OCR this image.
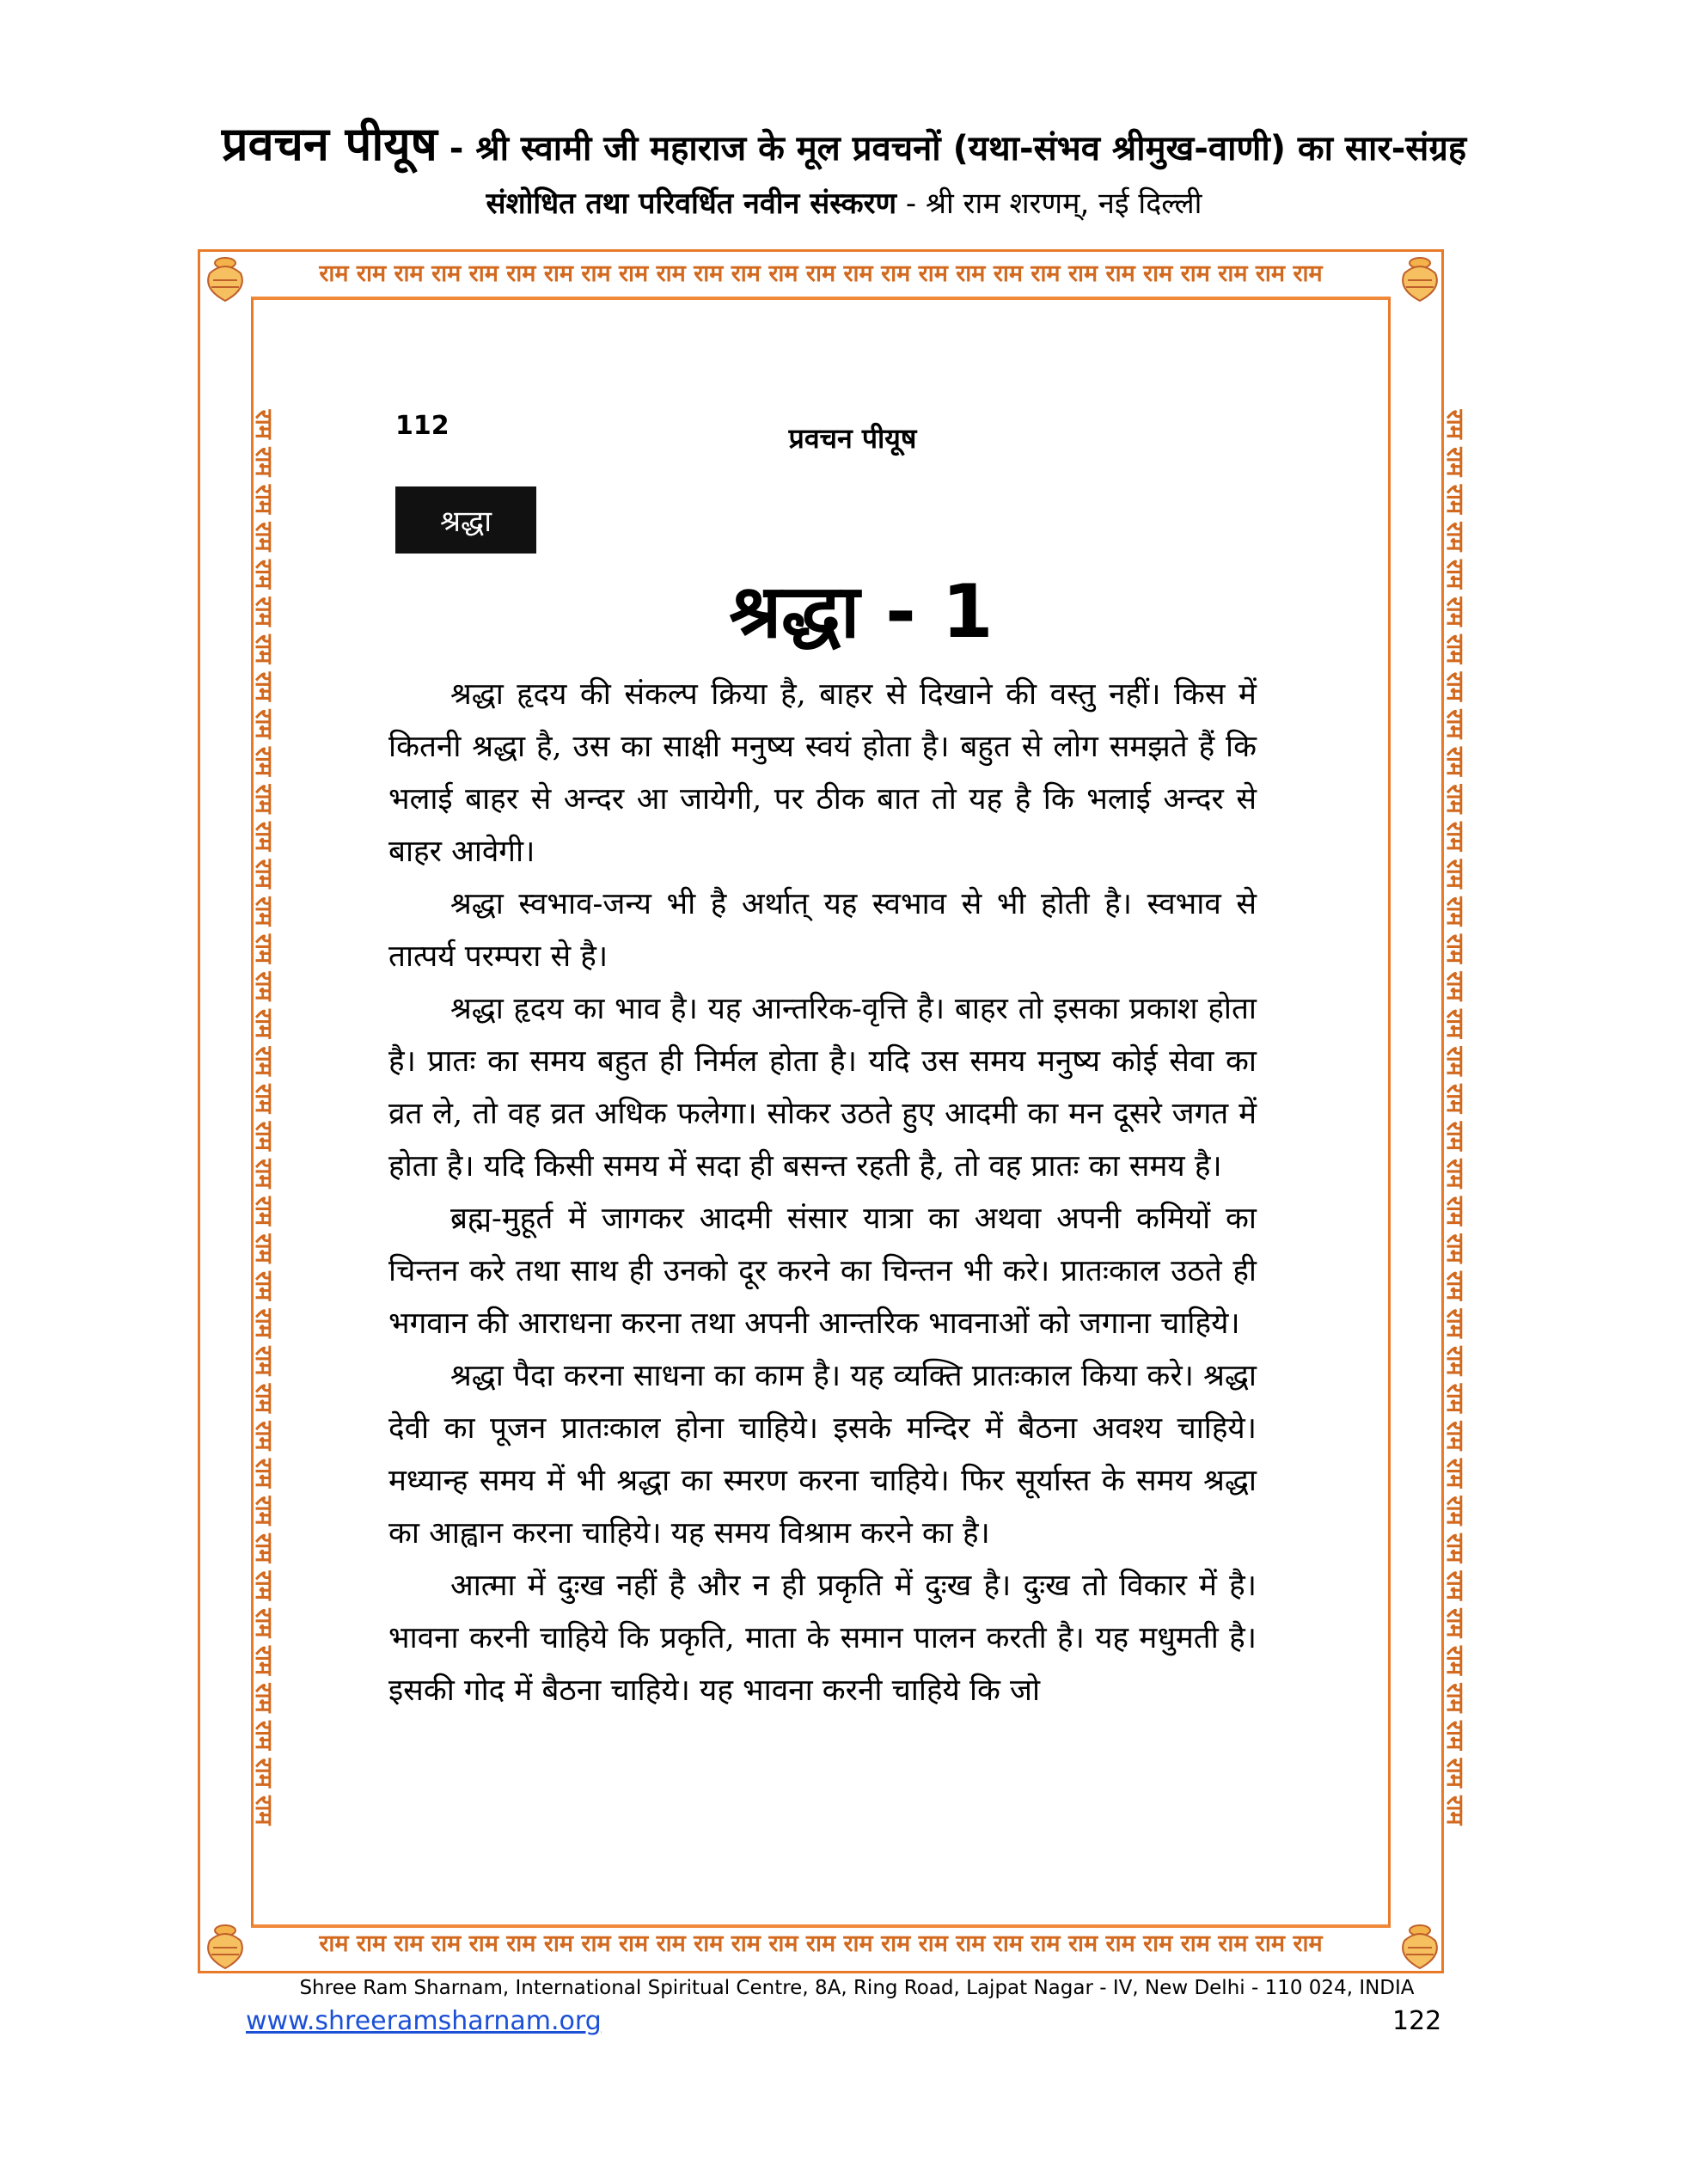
प्रवचन पीयूष - श्री स्वामी जी महाराज के मूल प्रवचनों (यथा-संभव श्रीमुख-वाणी) का सार-संग्रह
संशोधित तथा परिवर्धित नवीन संस्करण - श्री राम शरणम्, नई दिल्ली
राम राम राम राम राम राम राम राम राम राम राम राम राम राम राम राम राम राम राम राम राम राम राम राम राम राम राम
राम राम राम राम राम राम राम राम राम राम राम राम राम राम राम राम राम राम राम राम राम राम राम राम राम राम राम
राम राम राम राम राम राम राम राम राम राम राम राम राम राम राम राम राम राम राम राम राम राम राम राम राम राम राम राम राम राम राम राम राम राम राम राम राम राम	राम राम राम राम राम राम राम राम राम राम राम राम राम राम राम राम राम राम राम राम राम राम राम राम राम राम राम राम राम राम राम राम राम राम राम राम राम राम
112	प्रवचन पीयूष
श्रद्धा
श्रद्धा - 1

श्रद्धा हृदय की संकल्प क्रिया है, बाहर से दिखाने की वस्तु नहीं। किस में कितनी श्रद्धा है, उस का साक्षी मनुष्य स्वयं होता है। बहुत से लोग समझते हैं कि भलाई बाहर से अन्दर आ जायेगी, पर ठीक बात तो यह है कि भलाई अन्दर से बाहर आवेगी।

श्रद्धा स्वभाव-जन्य भी है अर्थात् यह स्वभाव से भी होती है। स्वभाव से तात्पर्य परम्परा से है।

श्रद्धा हृदय का भाव है। यह आन्तरिक-वृत्ति है। बाहर तो इसका प्रकाश होता है। प्रातः का समय बहुत ही निर्मल होता है। यदि उस समय मनुष्य कोई सेवा का व्रत ले, तो वह व्रत अधिक फलेगा। सोकर उठते हुए आदमी का मन दूसरे जगत में होता है। यदि किसी समय में सदा ही बसन्त रहती है, तो वह प्रातः का समय है।

ब्रह्म-मुहूर्त में जागकर आदमी संसार यात्रा का अथवा अपनी कमियों का चिन्तन करे तथा साथ ही उनको दूर करने का चिन्तन भी करे। प्रातःकाल उठते ही भगवान की आराधना करना तथा अपनी आन्तरिक भावनाओं को जगाना चाहिये।

श्रद्धा पैदा करना साधना का काम है। यह व्यक्ति प्रातःकाल किया करे। श्रद्धा देवी का पूजन प्रातःकाल होना चाहिये। इसके मन्दिर में बैठना अवश्य चाहिये। मध्यान्ह समय में भी श्रद्धा का स्मरण करना चाहिये। फिर सूर्यास्त के समय श्रद्धा का आह्वान करना चाहिये। यह समय विश्राम करने का है।

आत्मा में दुःख नहीं है और न ही प्रकृति में दुःख है। दुःख तो विकार में है। भावना करनी चाहिये कि प्रकृति, माता के समान पालन करती है। यह मधुमती है। इसकी गोद में बैठना चाहिये। यह भावना करनी चाहिये कि जो

Shree Ram Sharnam, International Spiritual Centre, 8A, Ring Road, Lajpat Nagar - IV, New Delhi - 110 024, INDIA
www.shreeramsharnam.org	122
